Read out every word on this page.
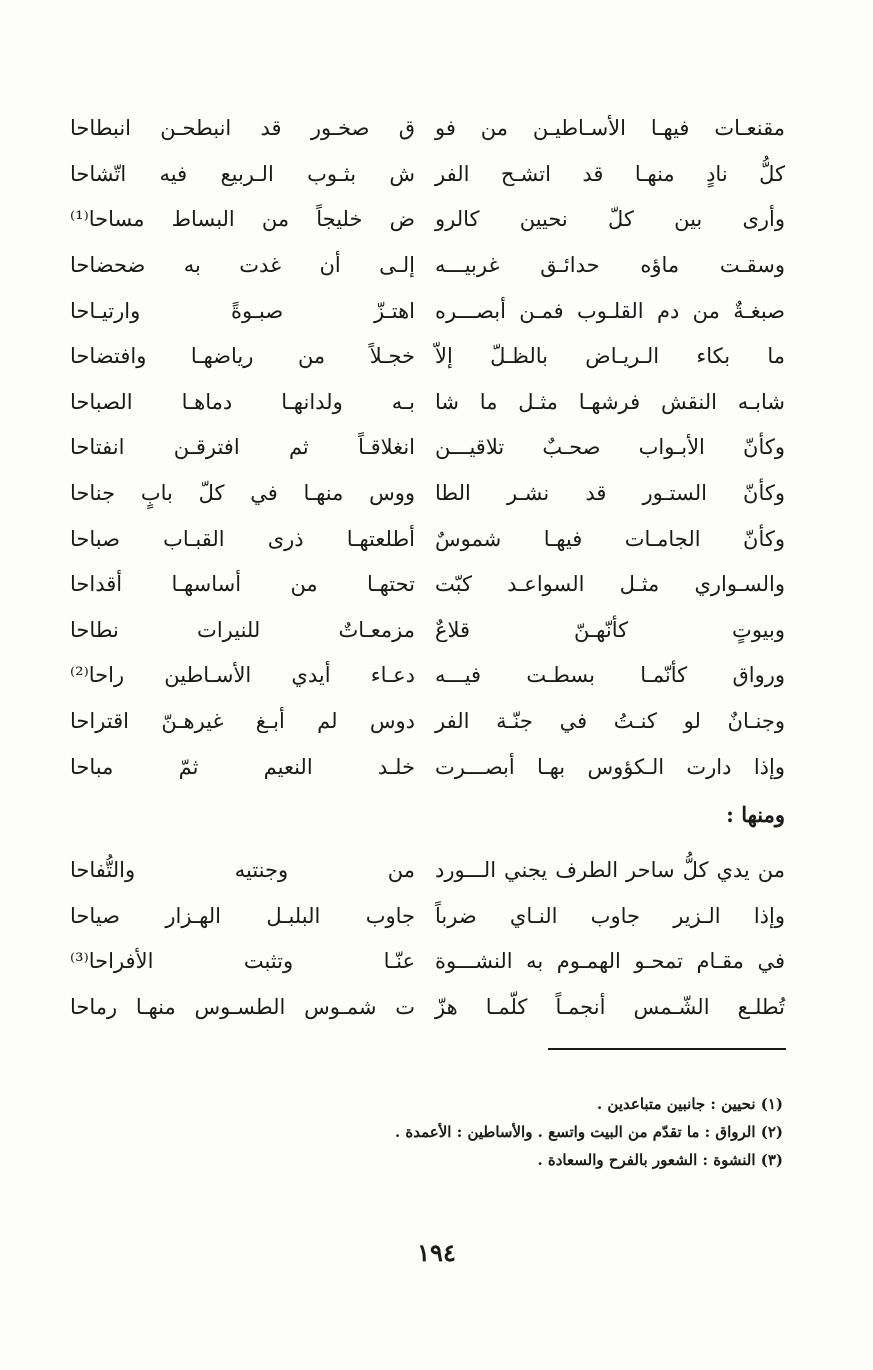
مقنعـات فيهـا الأسـاطيـن من فو
ق صخـور قد انبطحـن انبطاحا
كلُّ نادٍ منهـا قد اتشـح الفر
ش بثـوب الـربيع فيه اتّشاحا
وأرى بين كلّ نحيين كالرو
ض خليجاً من البساط مساحا⁽¹⁾
وسقـت ماؤه حدائـق غربيـــه
إلـى أن غدت به ضحضاحا
صبغـةٌ من دم القلـوب فمـن أبصـــره
اهتـزّ صبـوةً وارتيـاحا
ما بكاء الـريـاض بالظـلّ إلاّ
خجـلاً من رياضهـا وافتضاحا
شابـه النقش فرشهـا مثـل ما شا
بـه ولدانهـا دماهـا الصباحا
وكأنّ الأبـواب صحـبٌ تلاقيـــن
انغلاقـاً ثم افترقـن انفتاحا
وكأنّ الستـور قد نشـر الطا
ووس منهـا في كلّ بابٍ جناحا
وكأنّ الجامـات فيهـا شموسٌ
أطلعتهـا ذرى القبـاب صباحا
والسـواري مثـل السواعـد كبّت
تحتهـا من أساسهـا أقداحا
وبيوتٍ كأنّهـنّ قلاعٌ
مزمعـاتٌ للنيرات نطاحا
ورواق كأنّمـا بسطـت فيـــه
دعـاء أيدي الأسـاطين راحا⁽²⁾
وجنـانٌ لو كنـتُ في جنّـة الفر
دوس لم أبـغ غيرهـنّ اقتراحا
وإذا دارت الـكؤوس بهـا أبصـــرت
خلـد النعيم ثمّ مباحا
ومنها :
من يدي كلُّ ساحر الطرف يجني الـــورد
من وجنتيه والتُّفاحا
وإذا الـزير جاوب النـاي ضرباً
جاوب البلبـل الهـزار صياحا
في مقـام تمحـو الهمـوم به النشـــوة
عنّـا وتثبت الأفراحا⁽³⁾
تُطلـع الشّـمس أنجمـاً كلّمـا هزّ
ت شمـوس الطسـوس منهـا رماحا
(١) نحيين : جانبين متباعدين .
(٢) الرواق : ما تقدّم من البيت واتسع . والأساطين : الأعمدة .
(٣) النشوة : الشعور بالفرح والسعادة .
١٩٤
